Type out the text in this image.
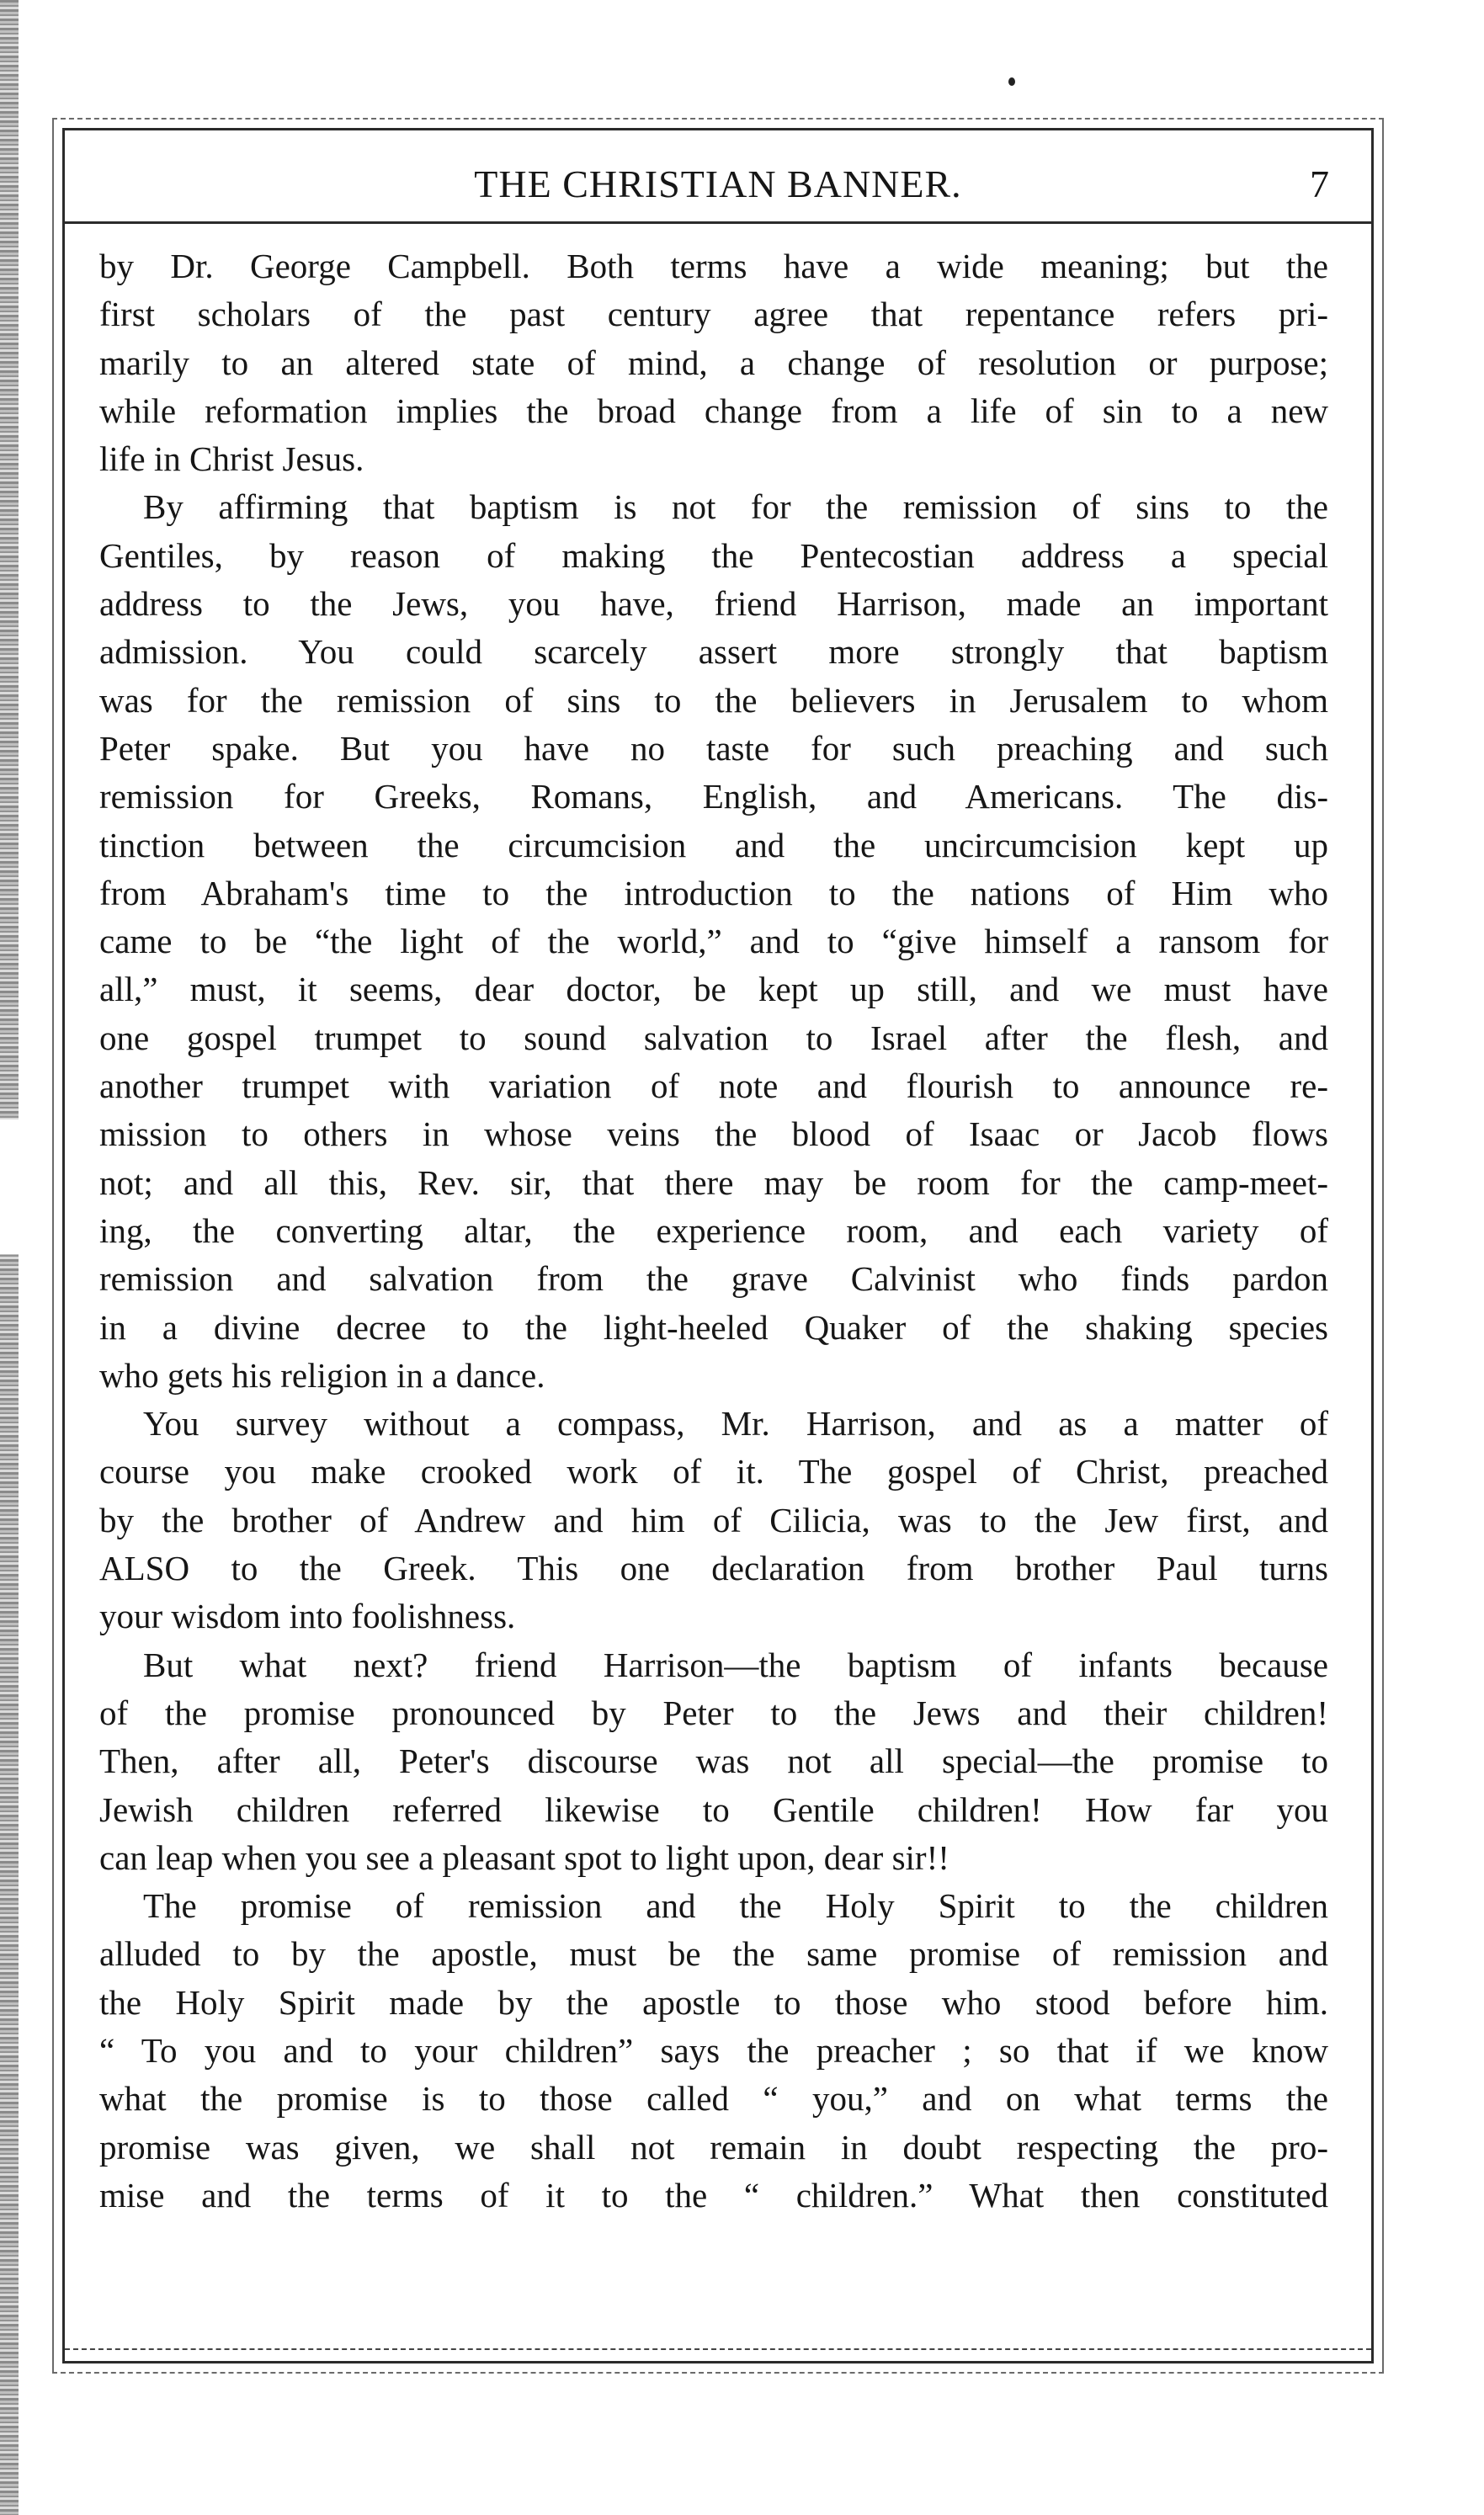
THE CHRISTIAN BANNER.	7
by Dr. George Campbell. Both terms have a wide meaning; but the
first scholars of the past century agree that repentance refers pri-
marily to an altered state of mind, a change of resolution or purpose;
while reformation implies the broad change from a life of sin to a new
life in Christ Jesus.
By affirming that baptism is not for the remission of sins to the
Gentiles, by reason of making the Pentecostian address a special
address to the Jews, you have, friend Harrison, made an important
admission. You could scarcely assert more strongly that baptism
was for the remission of sins to the believers in Jerusalem to whom
Peter spake. But you have no taste for such preaching and such
remission for Greeks, Romans, English, and Americans. The dis-
tinction between the circumcision and the uncircumcision kept up
from Abraham's time to the introduction to the nations of Him who
came to be “the light of the world,” and to “give himself a ransom for
all,” must, it seems, dear doctor, be kept up still, and we must have
one gospel trumpet to sound salvation to Israel after the flesh, and
another trumpet with variation of note and flourish to announce re-
mission to others in whose veins the blood of Isaac or Jacob flows
not; and all this, Rev. sir, that there may be room for the camp-meet-
ing, the converting altar, the experience room, and each variety of
remission and salvation from the grave Calvinist who finds pardon
in a divine decree to the light-heeled Quaker of the shaking species
who gets his religion in a dance.
You survey without a compass, Mr. Harrison, and as a matter of
course you make crooked work of it. The gospel of Christ, preached
by the brother of Andrew and him of Cilicia, was to the Jew first, and
ALSO to the Greek. This one declaration from brother Paul turns
your wisdom into foolishness.
But what next? friend Harrison—the baptism of infants because
of the promise pronounced by Peter to the Jews and their children!
Then, after all, Peter's discourse was not all special—the promise to
Jewish children referred likewise to Gentile children! How far you
can leap when you see a pleasant spot to light upon, dear sir!!
The promise of remission and the Holy Spirit to the children
alluded to by the apostle, must be the same promise of remission and
the Holy Spirit made by the apostle to those who stood before him.
“ To you and to your children” says the preacher ; so that if we know
what the promise is to those called “ you,” and on what terms the
promise was given, we shall not remain in doubt respecting the pro-
mise and the terms of it to the “ children.” What then constituted
